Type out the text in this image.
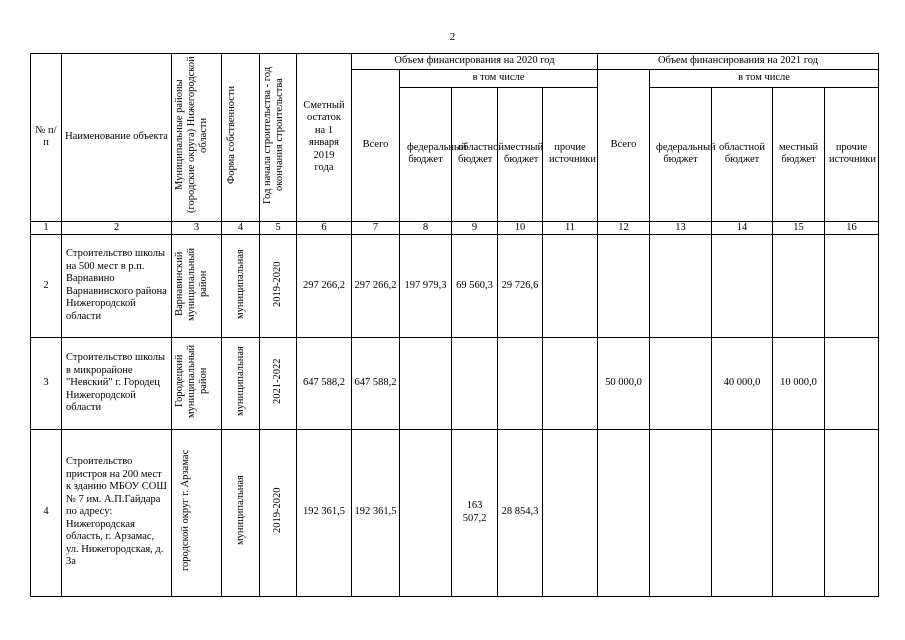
2
№ п/п	Наименование объекта	Муниципальные районы (городские округа) Нижегородской области	Форма собственности	Год начала строительства - год окончания строительства	Сметный остаток на 1 января 2019 года	Объем финансирования на 2020 год					Объем финансирования на 2021 год				
						Всего	в том числе				Всего	в том числе			
							федеральный бюджет	областной бюджет	местный бюджет	прочие источники		федеральный бюджет	областной бюджет	местный бюджет	прочие источники
1	2	3	4	5	6	7	8	9	10	11	12	13	14	15	16
2	Строительство школы на 500 мест в р.п. Варнавино Варнавинского района Нижегородской области	Варнавинский муниципальный район	муниципальная	2019-2020	297 266,2	297 266,2	197 979,3	69 560,3	29 726,6						
3	Строительство школы в микрорайоне "Невский" г. Городец Нижегородской области	Городецкий муниципальный район	муниципальная	2021-2022	647 588,2	647 588,2					50 000,0		40 000,0	10 000,0	
4	Строительство пристроя на 200 мест к зданию МБОУ СОШ № 7 им. А.П.Гайдара по адресу: Нижегородская область, г. Арзамас, ул. Нижегородская, д. 3а	городской округ г. Арзамас	муниципальная	2019-2020	192 361,5	192 361,5		163 507,2	28 854,3						
